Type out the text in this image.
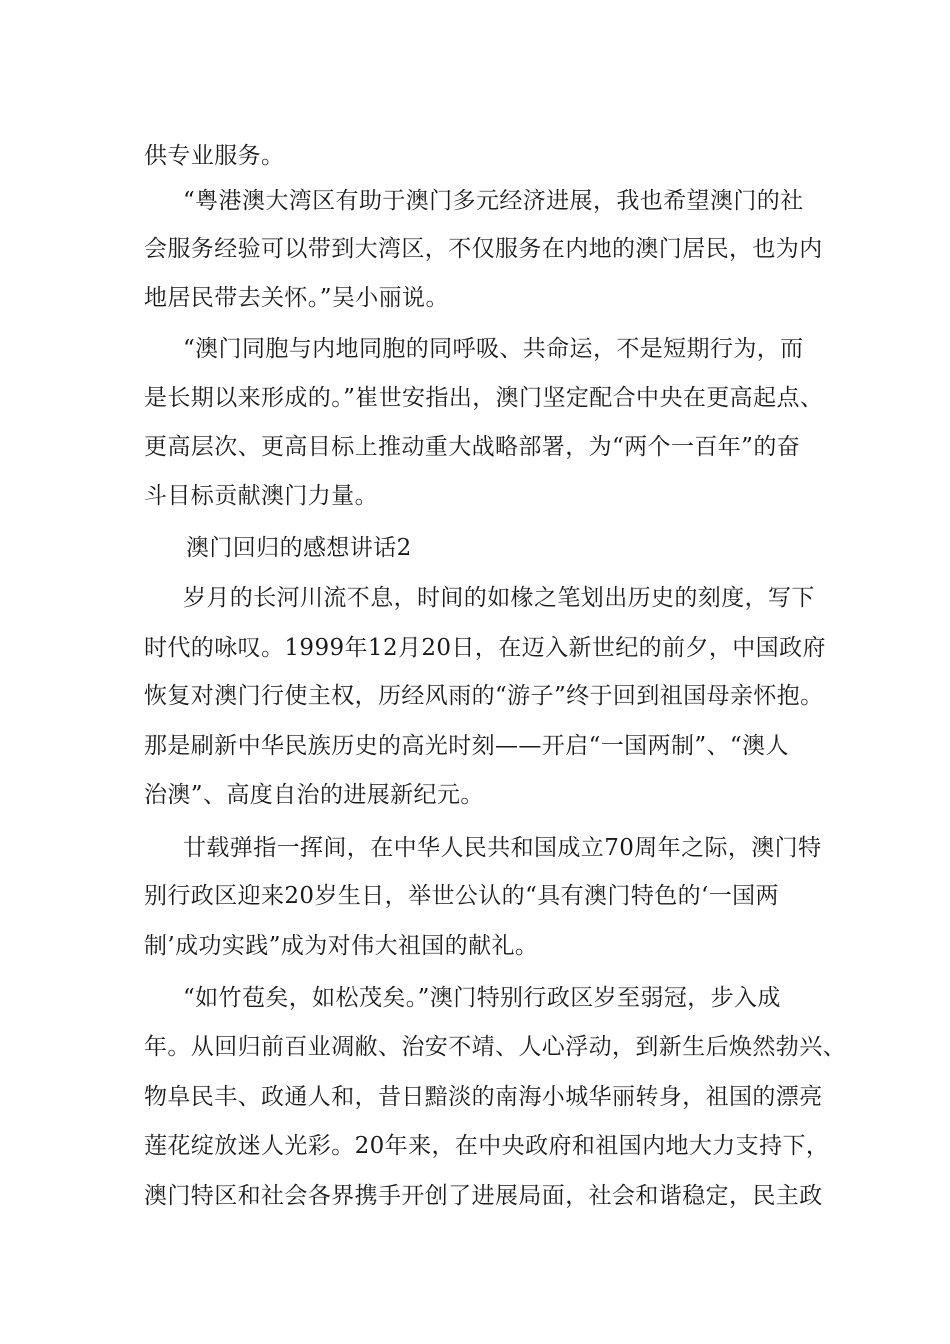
供专业服务。
“粤港澳大湾区有助于澳门多元经济进展，我也希望澳门的社
会服务经验可以带到大湾区，不仅服务在内地的澳门居民，也为内
地居民带去关怀。”吴小丽说。
“澳门同胞与内地同胞的同呼吸、共命运，不是短期行为，而
是长期以来形成的。”崔世安指出，澳门坚定配合中央在更高起点、
更高层次、更高目标上推动重大战略部署，为“两个一百年”的奋
斗目标贡献澳门力量。
澳门回归的感想讲话2
岁月的长河川流不息，时间的如椽之笔划出历史的刻度，写下
时代的咏叹。1999年12月20日，在迈入新世纪的前夕，中国政府
恢复对澳门行使主权，历经风雨的“游子”终于回到祖国母亲怀抱。
那是刷新中华民族历史的高光时刻——开启“一国两制”、“澳人
治澳”、高度自治的进展新纪元。
廿载弹指一挥间，在中华人民共和国成立70周年之际，澳门特
别行政区迎来20岁生日，举世公认的“具有澳门特色的‘一国两
制’成功实践”成为对伟大祖国的献礼。
“如竹苞矣，如松茂矣。”澳门特别行政区岁至弱冠，步入成
年。从回归前百业凋敝、治安不靖、人心浮动，到新生后焕然勃兴、
物阜民丰、政通人和，昔日黯淡的南海小城华丽转身，祖国的漂亮
莲花绽放迷人光彩。20年来，在中央政府和祖国内地大力支持下，
澳门特区和社会各界携手开创了进展局面，社会和谐稳定，民主政
